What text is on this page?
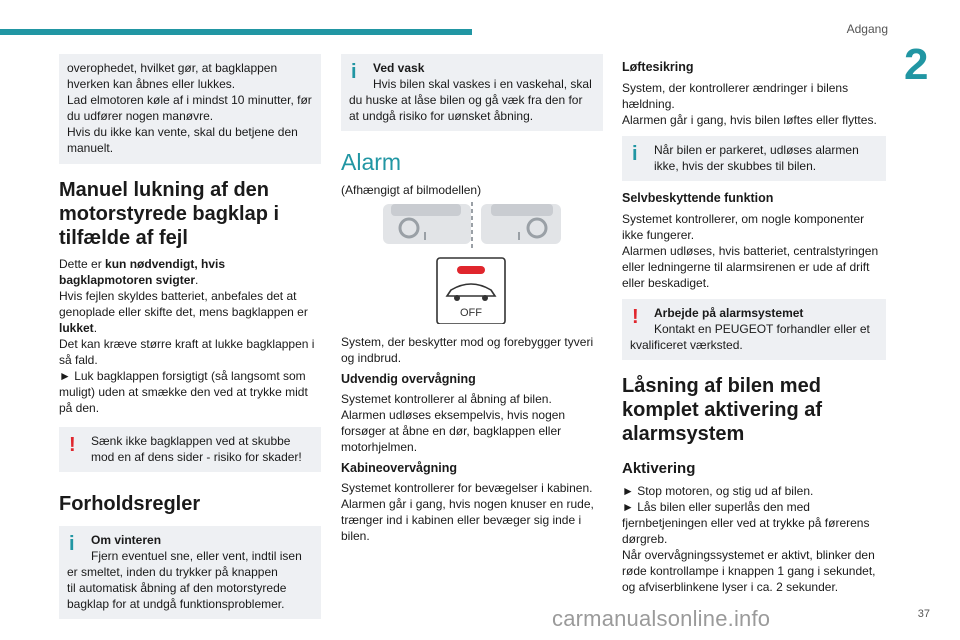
Adgang
2

overophedet, hvilket gør, at bagklappen hverken kan åbnes eller lukkes.

Lad elmotoren køle af i mindst 10 minutter, før du udfører nogen manøvre.

Hvis du ikke kan vente, skal du betjene den manuelt.

Manuel lukning af den motorstyrede bagklap i tilfælde af fejl

Dette er kun nødvendigt, hvis bagklapmotoren svigter.

Hvis fejlen skyldes batteriet, anbefales det at genoplade eller skifte det, mens bagklappen er lukket.

Det kan kræve større kraft at lukke bagklappen i så fald.

► Luk bagklappen forsigtigt (så langsomt som muligt) uden at smække den ved at trykke midt på den.

!	Sænk ikke bagklappen ved at skubbe mod en af dens sider - risiko for skader!
Forholdsregler
i	Om vinteren
Fjern eventuel sne, eller vent, indtil isen er smeltet, inden du trykker på knappen
til automatisk åbning af den motorstyrede bagklap for at undgå funktionsproblemer.
i	Ved vask
Hvis bilen skal vaskes i en vaskehal, skal du huske at låse bilen og gå væk fra den for at undgå risiko for uønsket åbning.
Alarm

(Afhængigt af bilmodellen)

OFF

System, der beskytter mod og forebygger tyveri og indbrud.

Udvendig overvågning

Systemet kontrollerer al åbning af bilen.

Alarmen udløses eksempelvis, hvis nogen forsøger at åbne en dør, bagklappen eller motorhjelmen.

Kabineovervågning

Systemet kontrollerer for bevægelser i kabinen.

Alarmen går i gang, hvis nogen knuser en rude, trænger ind i kabinen eller bevæger sig inde i bilen.

Løftesikring

System, der kontrollerer ændringer i bilens hældning.

Alarmen går i gang, hvis bilen løftes eller flyttes.

i	Når bilen er parkeret, udløses alarmen ikke, hvis der skubbes til bilen.
Selvbeskyttende funktion

Systemet kontrollerer, om nogle komponenter ikke fungerer.

Alarmen udløses, hvis batteriet, centralstyringen eller ledningerne til alarmsirenen er ude af drift eller beskadiget.

!	Arbejde på alarmsystemet
Kontakt en PEUGEOT forhandler eller et kvalificeret værksted.
Låsning af bilen med komplet aktivering af alarmsystem
Aktivering

► Stop motoren, og stig ud af bilen.

► Lås bilen eller superlås den med fjernbetjeningen eller ved at trykke på førerens dørgreb.

Når overvågningssystemet er aktivt, blinker den røde kontrollampe i knappen 1 gang i sekundet, og afviserblinkene lyser i ca. 2 sekunder.

carmanualsonline.info	37
